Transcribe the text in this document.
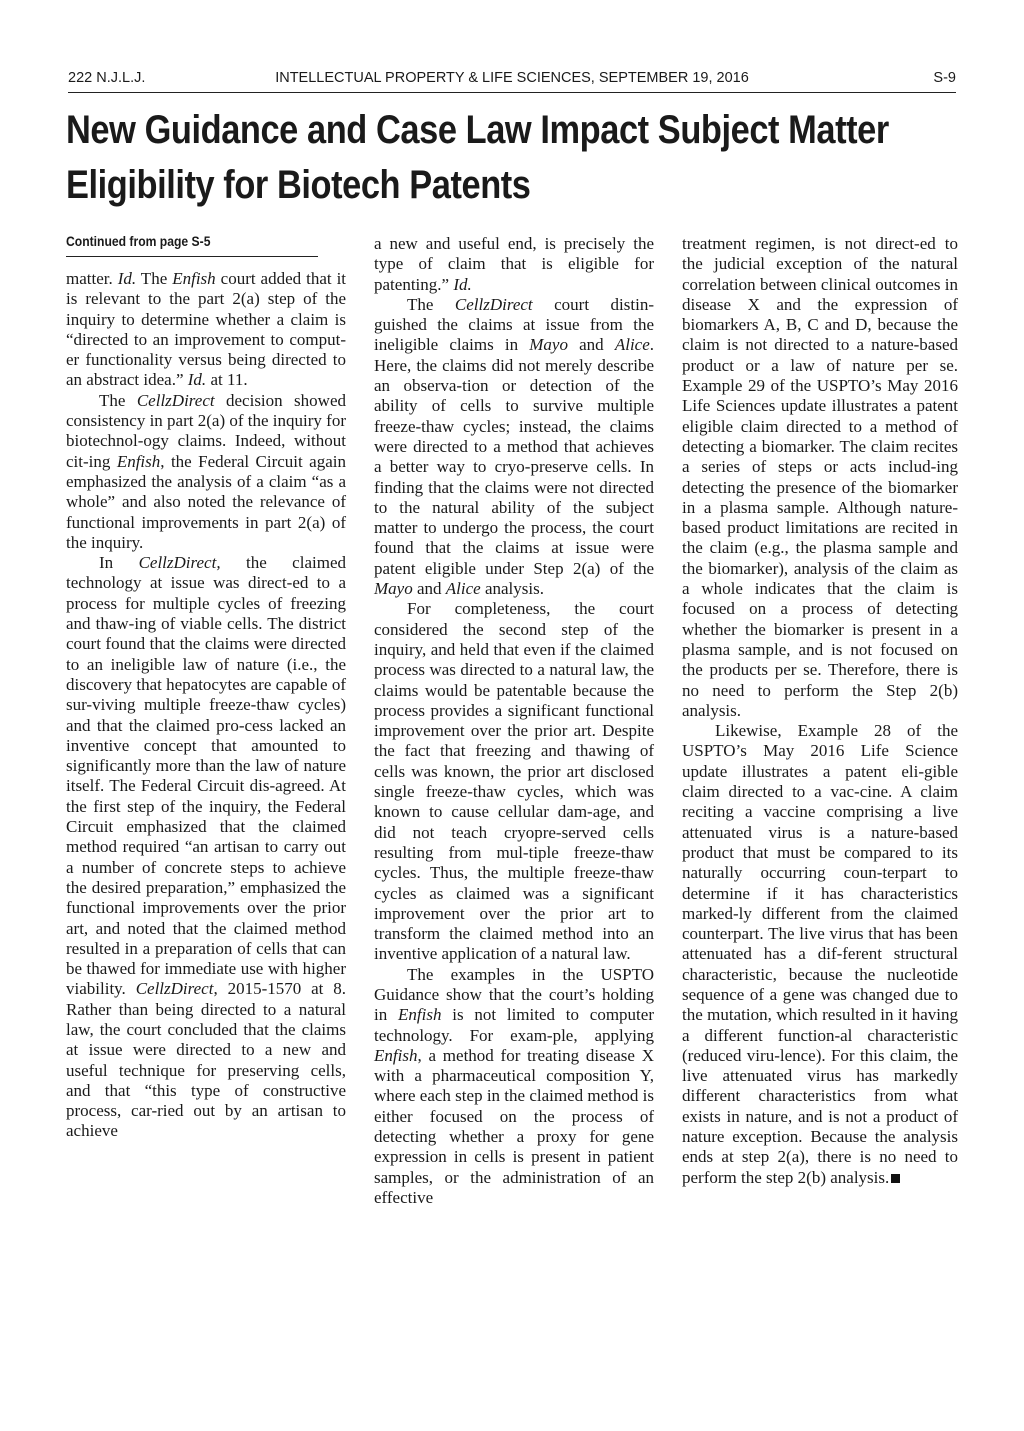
222 N.J.L.J.	INTELLECTUAL PROPERTY & LIFE SCIENCES, SEPTEMBER 19, 2016	S-9
New Guidance and Case Law Impact Subject Matter
Eligibility for Biotech Patents
Continued from page S-5

matter. Id. The Enfish court added that it is relevant to the part 2(a) step of the inquiry to determine whether a claim is “directed to an improvement to comput-er functionality versus being directed to an abstract idea.” Id. at 11.

The CellzDirect decision showed consistency in part 2(a) of the inquiry for biotechnol-ogy claims. Indeed, without cit-ing Enfish, the Federal Circuit again emphasized the analysis of a claim “as a whole” and also noted the relevance of functional improvements in part 2(a) of the inquiry.

In CellzDirect, the claimed technology at issue was direct-ed to a process for multiple cycles of freezing and thaw-ing of viable cells. The district court found that the claims were directed to an ineligible law of nature (i.e., the discovery that hepatocytes are capable of sur-viving multiple freeze-thaw cycles) and that the claimed pro-cess lacked an inventive concept that amounted to significantly more than the law of nature itself. The Federal Circuit dis-agreed. At the first step of the inquiry, the Federal Circuit emphasized that the claimed method required “an artisan to carry out a number of concrete steps to achieve the desired preparation,” emphasized the functional improvements over the prior art, and noted that the claimed method resulted in a preparation of cells that can be thawed for immediate use with higher viability. CellzDirect, 2015-1570 at 8. Rather than being directed to a natural law, the court concluded that the claims at issue were directed to a new and useful technique for preserving cells, and that “this type of constructive process, car-ried out by an artisan to achieve

a new and useful end, is precisely the type of claim that is eligible for patenting.” Id.

The CellzDirect court distin-guished the claims at issue from the ineligible claims in Mayo and Alice. Here, the claims did not merely describe an observa-tion or detection of the ability of cells to survive multiple freeze-thaw cycles; instead, the claims were directed to a method that achieves a better way to cryo-preserve cells. In finding that the claims were not directed to the natural ability of the subject matter to undergo the process, the court found that the claims at issue were patent eligible under Step 2(a) of the Mayo and Alice analysis.

For completeness, the court considered the second step of the inquiry, and held that even if the claimed process was directed to a natural law, the claims would be patentable because the process provides a significant functional improvement over the prior art. Despite the fact that freezing and thawing of cells was known, the prior art disclosed single freeze-thaw cycles, which was known to cause cellular dam-age, and did not teach cryopre-served cells resulting from mul-tiple freeze-thaw cycles. Thus, the multiple freeze-thaw cycles as claimed was a significant improvement over the prior art to transform the claimed method into an inventive application of a natural law.

The examples in the USPTO Guidance show that the court’s holding in Enfish is not limited to computer technology. For exam-ple, applying Enfish, a method for treating disease X with a pharmaceutical composition Y, where each step in the claimed method is either focused on the process of detecting whether a proxy for gene expression in cells is present in patient samples, or the administration of an effective

treatment regimen, is not direct-ed to the judicial exception of the natural correlation between clinical outcomes in disease X and the expression of biomarkers A, B, C and D, because the claim is not directed to a nature-based product or a law of nature per se. Example 29 of the USPTO’s May 2016 Life Sciences update illustrates a patent eligible claim directed to a method of detecting a biomarker. The claim recites a series of steps or acts includ-ing detecting the presence of the biomarker in a plasma sample. Although nature-based product limitations are recited in the claim (e.g., the plasma sample and the biomarker), analysis of the claim as a whole indicates that the claim is focused on a process of detecting whether the biomarker is present in a plasma sample, and is not focused on the products per se. Therefore, there is no need to perform the Step 2(b) analysis.

Likewise, Example 28 of the USPTO’s May 2016 Life Science update illustrates a patent eli-gible claim directed to a vac-cine. A claim reciting a vaccine comprising a live attenuated virus is a nature-based product that must be compared to its naturally occurring coun-terpart to determine if it has characteristics marked-ly different from the claimed counterpart. The live virus that has been attenuated has a dif-ferent structural characteristic, because the nucleotide sequence of a gene was changed due to the mutation, which resulted in it having a different function-al characteristic (reduced viru-lence). For this claim, the live attenuated virus has markedly different characteristics from what exists in nature, and is not a product of nature exception. Because the analysis ends at step 2(a), there is no need to perform the step 2(b) analysis.
